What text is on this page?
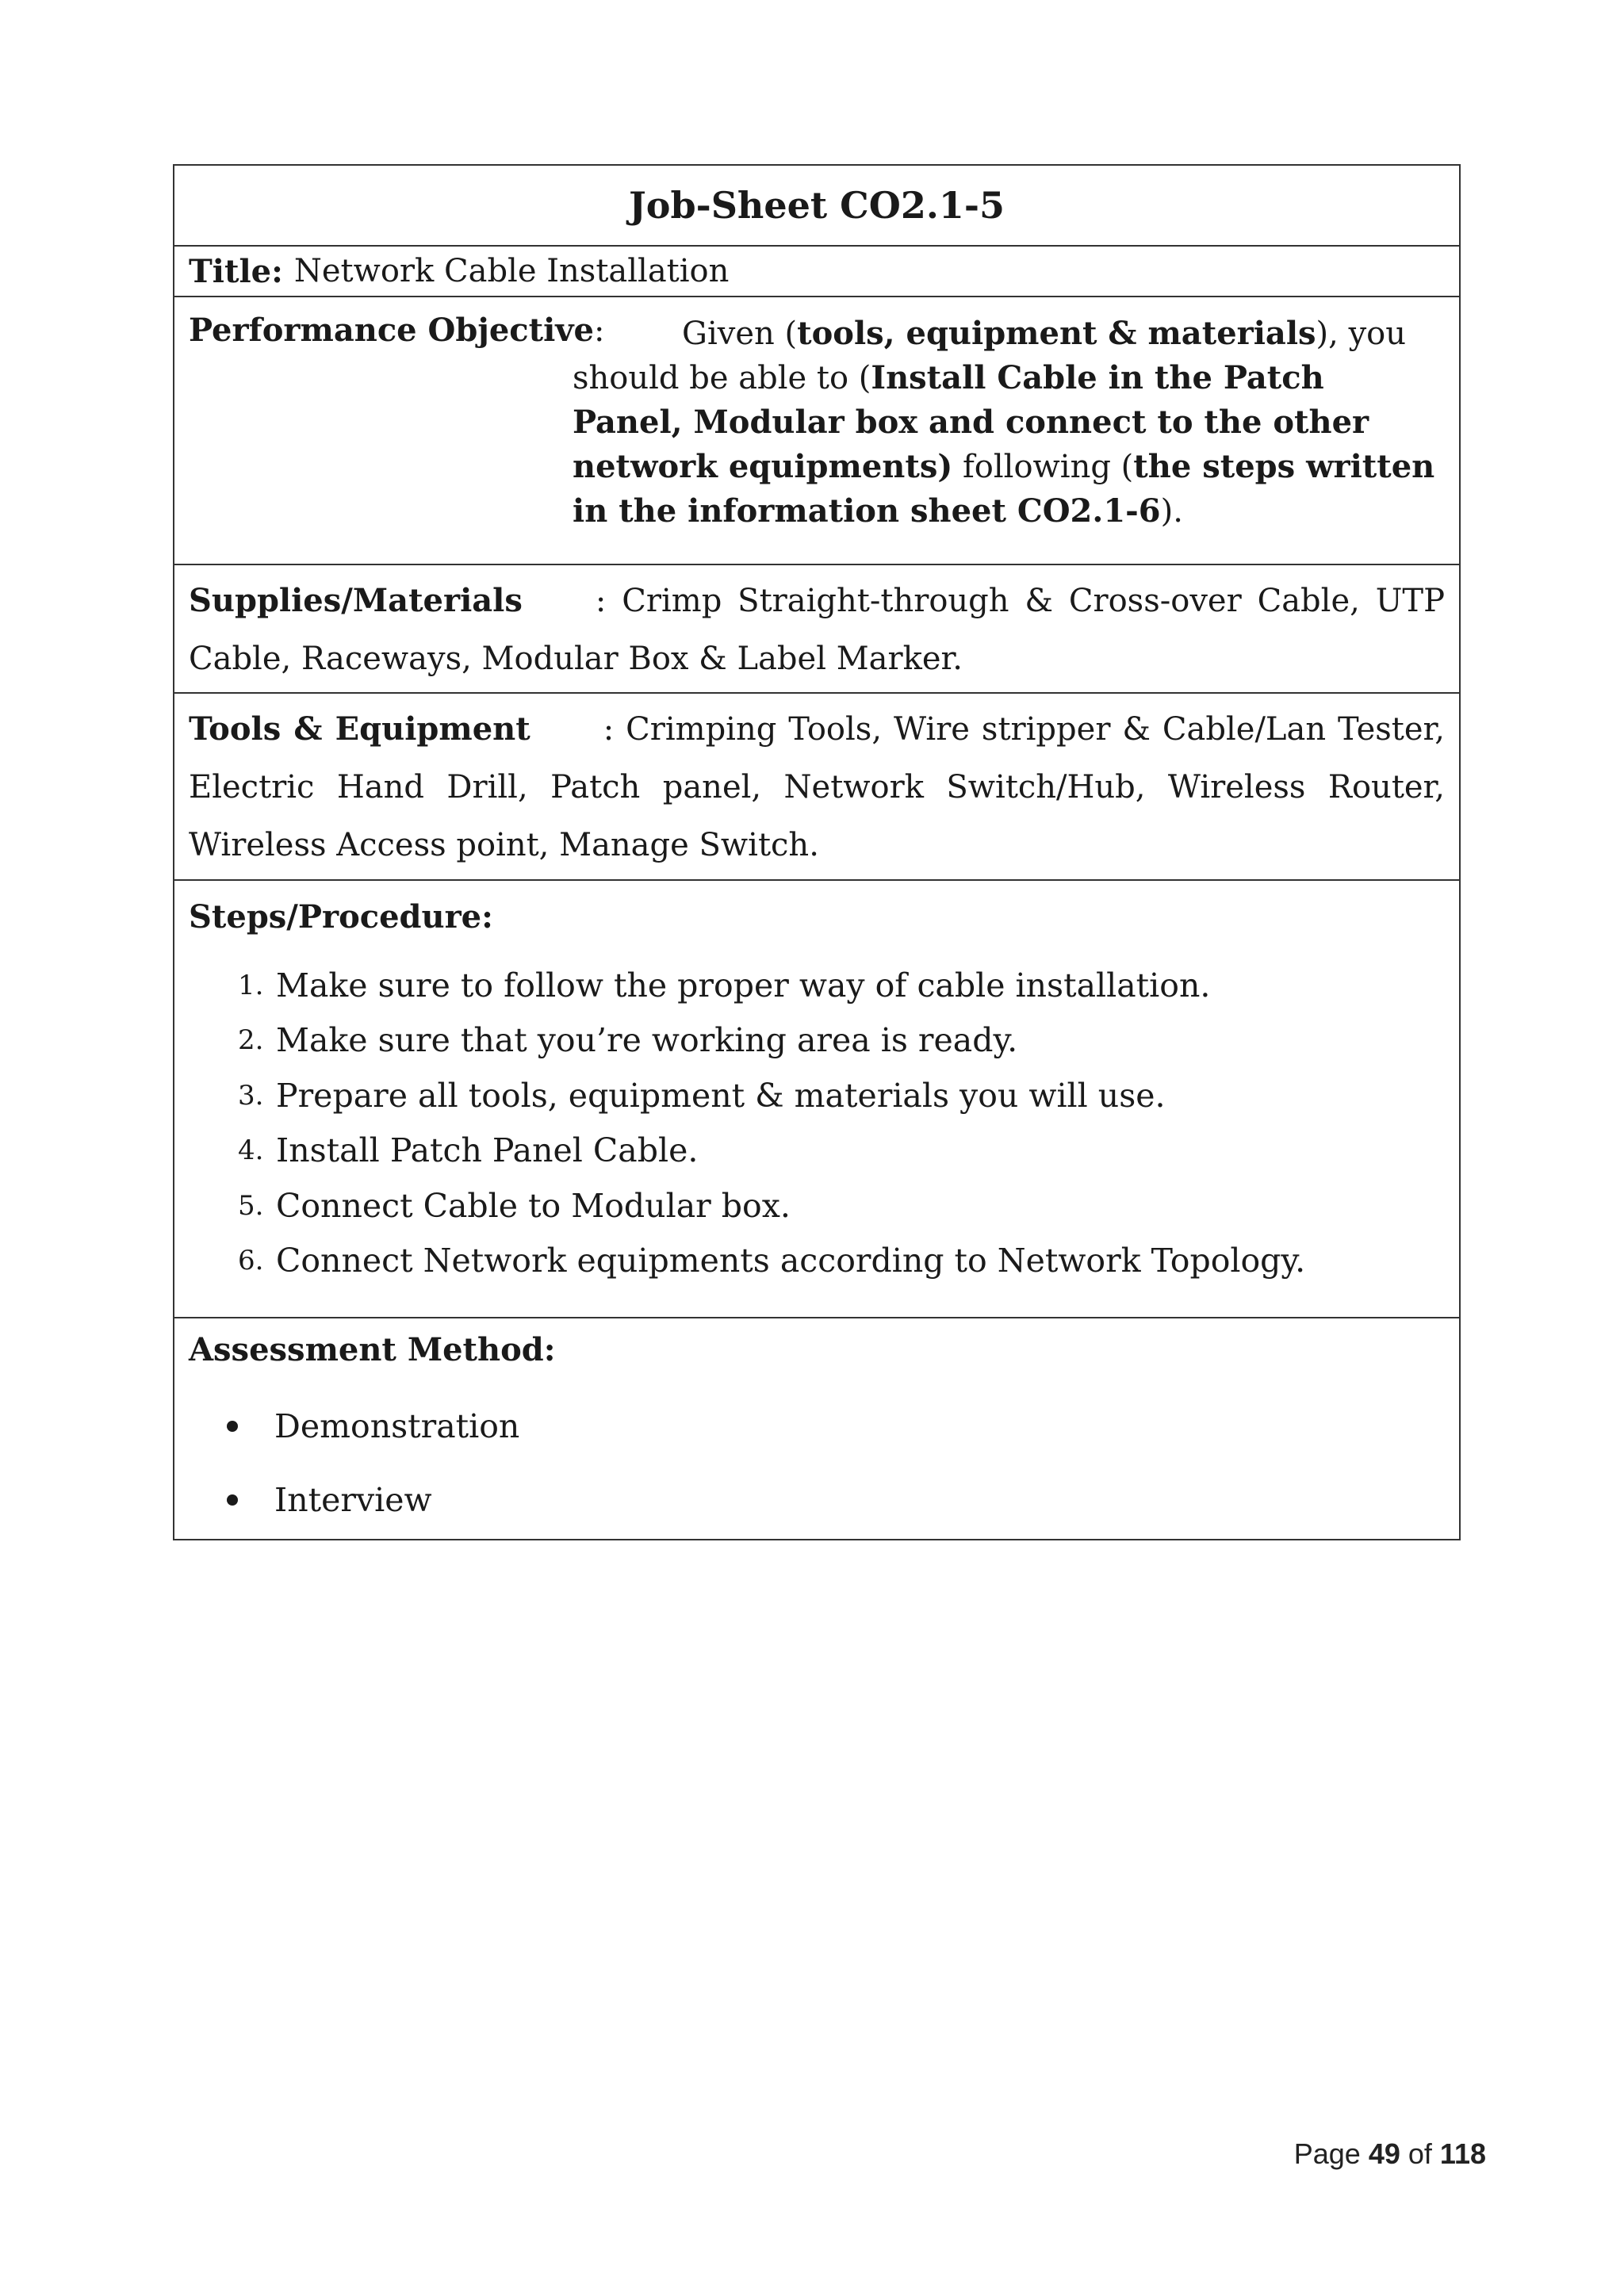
Job-Sheet CO2.1-5
Title: Network Cable Installation
Performance Objective:	Given (tools, equipment & materials), you should be able to (Install Cable in the Patch Panel, Modular box and connect to the other network equipments) following (the steps written in the information sheet CO2.1-6).
Supplies/Materials : Crimp Straight-through & Cross-over Cable, UTP Cable, Raceways, Modular Box & Label Marker.
Tools & Equipment : Crimping Tools, Wire stripper & Cable/Lan Tester, Electric Hand Drill, Patch panel, Network Switch/Hub, Wireless Router, Wireless Access point, Manage Switch.
Steps/Procedure:
1. Make sure to follow the proper way of cable installation.
2. Make sure that you’re working area is ready.
3. Prepare all tools, equipment & materials you will use.
4. Install Patch Panel Cable.
5. Connect Cable to Modular box.
6. Connect Network equipments according to Network Topology.
Assessment Method:
Demonstration
Interview
Page 49 of 118
